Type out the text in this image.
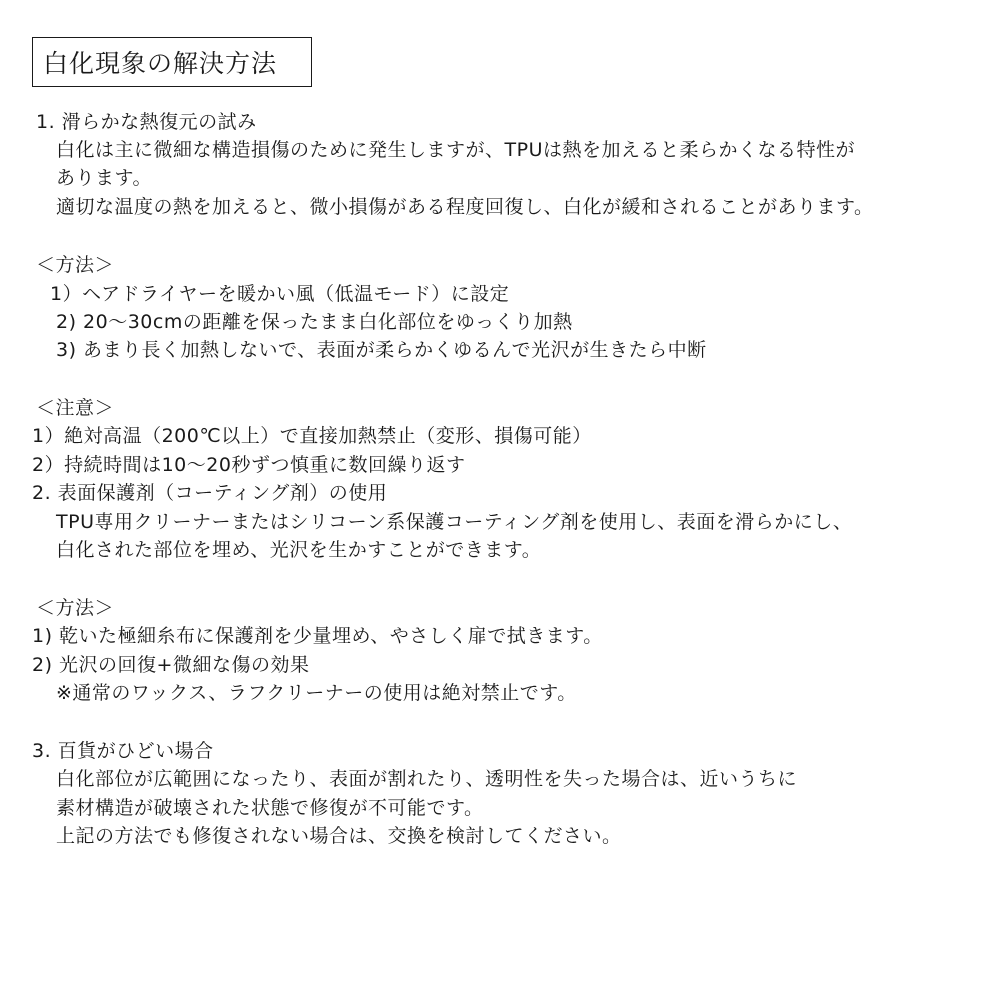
白化現象の解決方法
1. 滑らかな熱復元の試み
白化は主に微細な構造損傷のために発生しますが、TPUは熱を加えると柔らかくなる特性が
あります。
適切な温度の熱を加えると、微小損傷がある程度回復し、白化が緩和されることがあります。
＜方法＞
1）ヘアドライヤーを暖かい風（低温モード）に設定
2) 20～30cmの距離を保ったまま白化部位をゆっくり加熱
3) あまり長く加熱しないで、表面が柔らかくゆるんで光沢が生きたら中断
＜注意＞
1）絶対高温（200℃以上）で直接加熱禁止（変形、損傷可能）
2）持続時間は10～20秒ずつ慎重に数回繰り返す
2. 表面保護剤（コーティング剤）の使用
TPU専用クリーナーまたはシリコーン系保護コーティング剤を使用し、表面を滑らかにし、
白化された部位を埋め、光沢を生かすことができます。
＜方法＞
1) 乾いた極細糸布に保護剤を少量埋め、やさしく扉で拭きます。
2) 光沢の回復+微細な傷の効果
※通常のワックス、ラフクリーナーの使用は絶対禁止です。
3. 百貨がひどい場合
白化部位が広範囲になったり、表面が割れたり、透明性を失った場合は、近いうちに
素材構造が破壊された状態で修復が不可能です。
上記の方法でも修復されない場合は、交換を検討してください。
